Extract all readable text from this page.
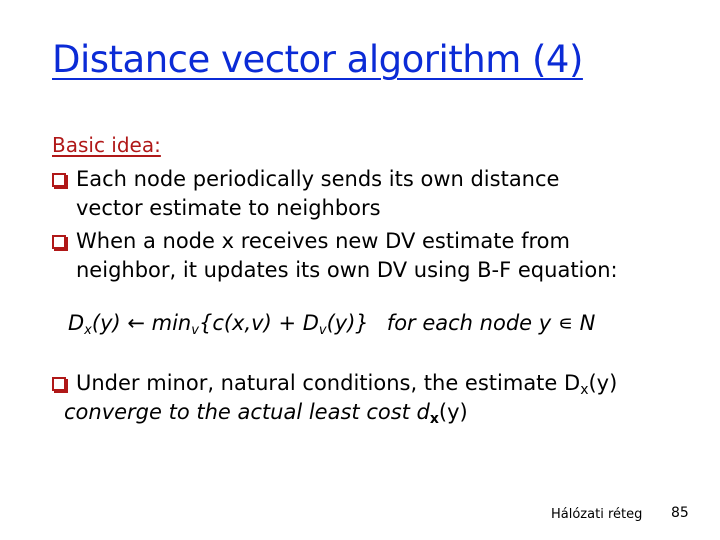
Distance vector algorithm (4)
Basic idea:
Each node periodically sends its own distance
vector estimate to neighbors
When a node x receives new DV estimate from
neighbor, it updates its own DV using B-F equation:
$D_x(y)$ ← $\min_v\{c(x,v) + D_v(y)\}$ for each node y ∊ N
Under minor, natural conditions, the estimate $D_x(y)$
converge to the actual least cost $d_x(y)$
Hálózati réteg 85
